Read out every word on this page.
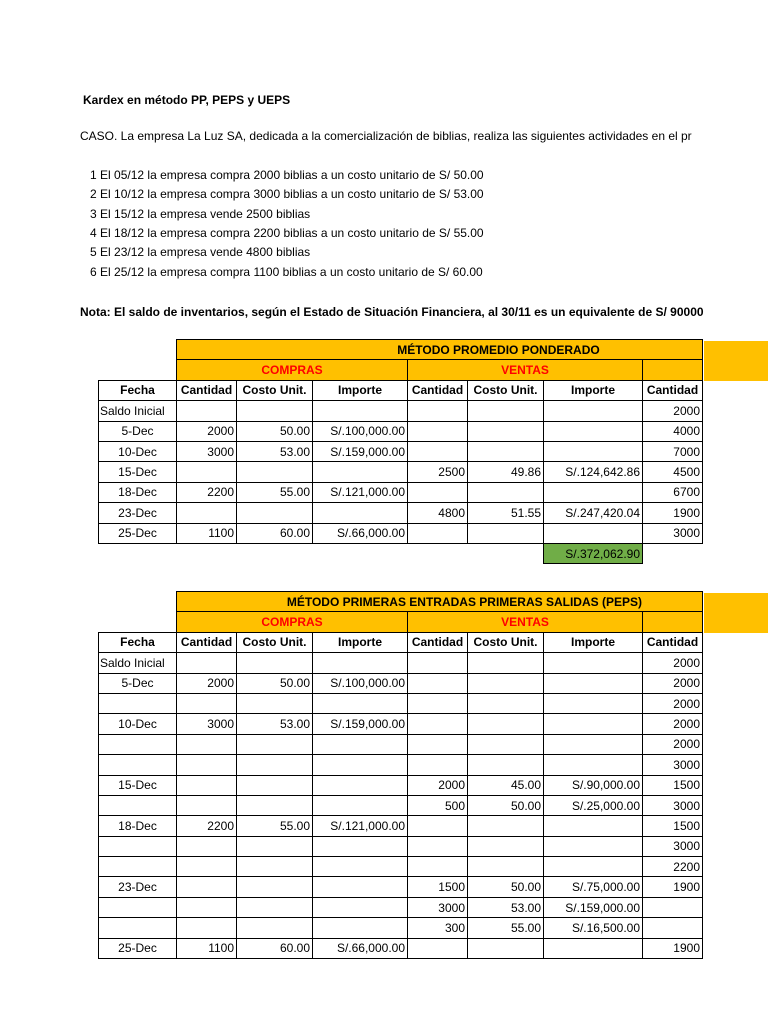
Kardex en método PP, PEPS y UEPS
CASO. La empresa La Luz SA, dedicada a la comercialización de biblias, realiza las siguientes actividades en el pr
1 El 05/12 la empresa compra 2000 biblias a un costo unitario de S/ 50.00
2 El 10/12 la empresa compra 3000 biblias a un costo unitario de S/ 53.00
3 El 15/12 la empresa vende 2500 biblias
4 El 18/12 la empresa compra 2200 biblias a un costo unitario de S/ 55.00
5 El 23/12 la empresa vende 4800 biblias
6 El 25/12 la empresa compra 1100 biblias a un costo unitario de S/ 60.00
Nota: El saldo de inventarios, según el Estado de Situación Financiera, al 30/11 es un equivalente de S/ 90000
	MÉTODO PROMEDIO PONDERADO						
	COMPRAS			VENTAS			
Fecha	Cantidad	Costo Unit.	Importe	Cantidad	Costo Unit.	Importe	Cantidad
Saldo Inicial							2000
5-Dec	2000	50.00	S/.100,000.00				4000
10-Dec	3000	53.00	S/.159,000.00				7000
15-Dec				2500	49.86	S/.124,642.86	4500
18-Dec	2200	55.00	S/.121,000.00				6700
23-Dec				4800	51.55	S/.247,420.04	1900
25-Dec	1100	60.00	S/.66,000.00				3000
						S/.372,062.90	
	MÉTODO PRIMERAS ENTRADAS PRIMERAS SALIDAS (PEPS)						
	COMPRAS			VENTAS			
Fecha	Cantidad	Costo Unit.	Importe	Cantidad	Costo Unit.	Importe	Cantidad
Saldo Inicial							2000
5-Dec	2000	50.00	S/.100,000.00				2000
							2000
10-Dec	3000	53.00	S/.159,000.00				2000
							2000
							3000
15-Dec				2000	45.00	S/.90,000.00	1500
				500	50.00	S/.25,000.00	3000
18-Dec	2200	55.00	S/.121,000.00				1500
							3000
							2200
23-Dec				1500	50.00	S/.75,000.00	1900
				3000	53.00	S/.159,000.00	
				300	55.00	S/.16,500.00	
25-Dec	1100	60.00	S/.66,000.00				1900
